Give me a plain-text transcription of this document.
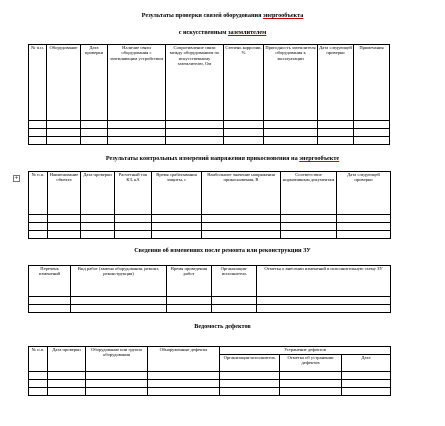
Результаты проверки связей оборудования энергообъекта
с искусственным заземлителем
№ п.п.	Оборудование	Дата проверки	Наличие связи оборудования с заземляющим устройством	Сопротивление связи между оборудованием по искусственному заземлителю, Ом	Степень коррозии, %	Пригодность заземлителя оборудования к эксплуатации	Дата следующей проверки	Примечания

Результаты контрольных измерений напряжения прикосновения на энергообъекте
+
№ п.п.	Наименование объекта	Дата проверки	Расчетный ток КЗ, кА	Время срабатывания защиты, с	Наибольшее значение напряжения прикосновения, В	Соответствие нормативным документам	Дата следующей проверки

Сведения об изменениях после ремонта или реконструкции ЗУ
Перечень изменений	Вид работ (замена оборудования, ремонт, реконструкция)	Время проведения работ	Организация-исполнитель	Отметка о внесении изменений в исполнительную схему ЗУ

Ведомость дефектов
№ п.п.	Дата проверки	Оборудование или группа оборудования	Обнаруженные дефекты	Устранение дефектов		
				Организация-исполнитель	Отметка об устранении дефектов	Дата
